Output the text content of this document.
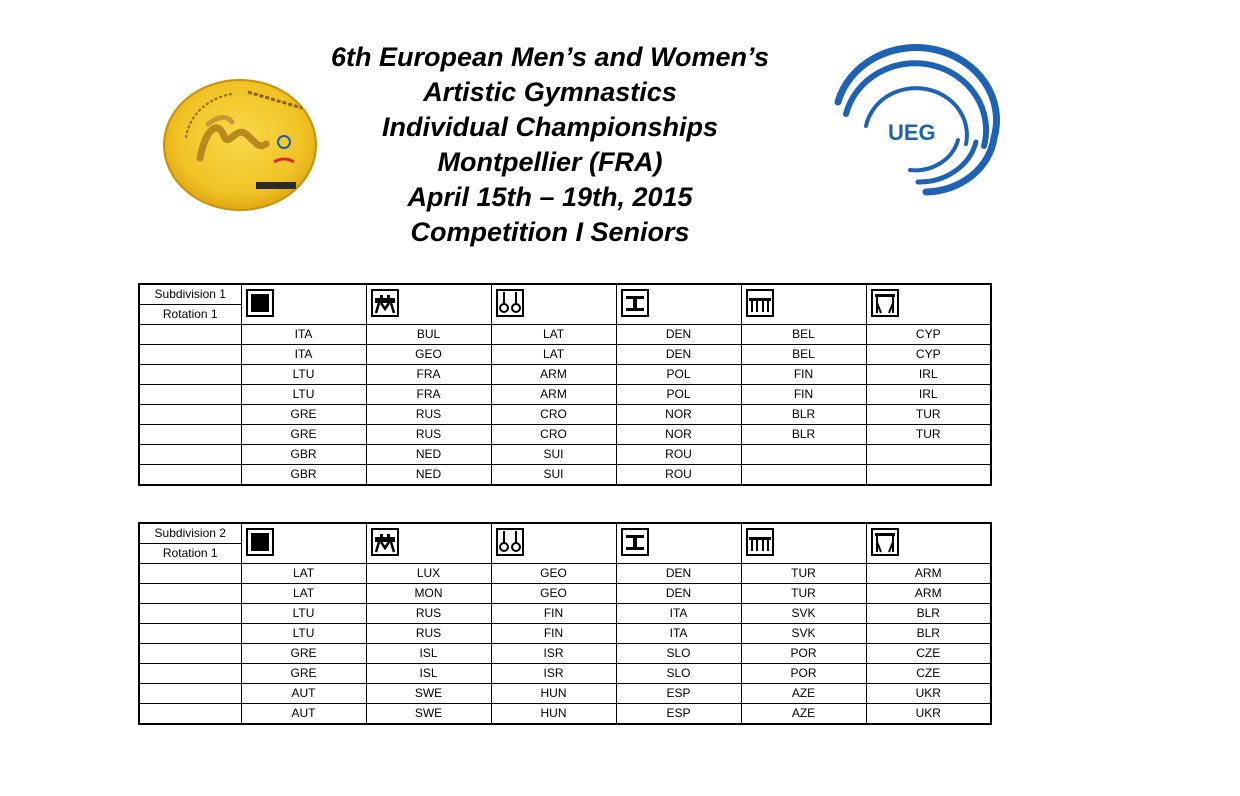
6th European Men’s and Women’s
Artistic Gymnastics
Individual Championships
Montpellier (FRA)
April 15th – 19th, 2015
Competition I Seniors
UEG
Subdivision 1
Rotation 1

	ITA	BUL	LAT	DEN	BEL	CYP
	ITA	GEO	LAT	DEN	BEL	CYP
	LTU	FRA	ARM	POL	FIN	IRL
	LTU	FRA	ARM	POL	FIN	IRL
	GRE	RUS	CRO	NOR	BLR	TUR
	GRE	RUS	CRO	NOR	BLR	TUR
	GBR	NED	SUI	ROU		
	GBR	NED	SUI	ROU		
Subdivision 2
Rotation 1

	LAT	LUX	GEO	DEN	TUR	ARM
	LAT	MON	GEO	DEN	TUR	ARM
	LTU	RUS	FIN	ITA	SVK	BLR
	LTU	RUS	FIN	ITA	SVK	BLR
	GRE	ISL	ISR	SLO	POR	CZE
	GRE	ISL	ISR	SLO	POR	CZE
	AUT	SWE	HUN	ESP	AZE	UKR
	AUT	SWE	HUN	ESP	AZE	UKR
